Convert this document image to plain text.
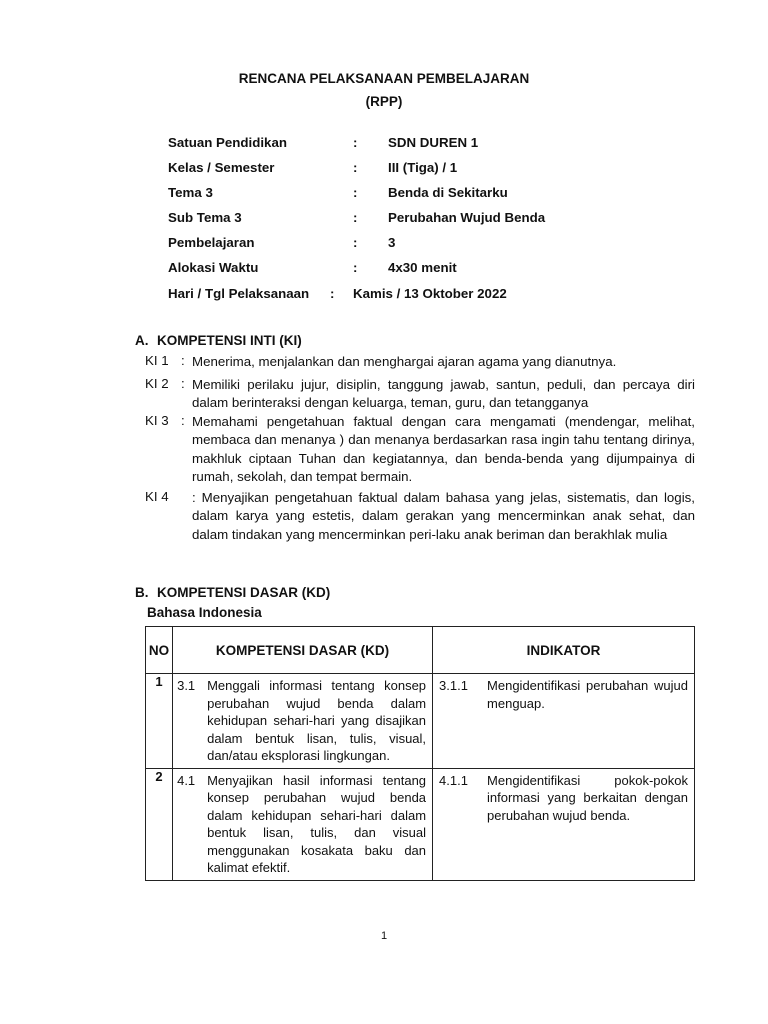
RENCANA PELAKSANAAN PEMBELAJARAN
(RPP)
Satuan Pendidikan	: SDN DUREN 1
Kelas / Semester	: III (Tiga) / 1
Tema 3	: Benda di Sekitarku
Sub Tema 3	: Perubahan Wujud Benda
Pembelajaran	: 3
Alokasi Waktu	: 4x30 menit
Hari / Tgl Pelaksanaan : Kamis / 13 Oktober 2022
A. KOMPETENSI INTI (KI)
KI 1 : Menerima, menjalankan dan menghargai ajaran agama yang dianutnya.
KI 2 : Memiliki perilaku jujur, disiplin, tanggung jawab, santun, peduli, dan percaya diri dalam berinteraksi dengan keluarga, teman, guru, dan tetangganya
KI 3 : Memahami pengetahuan faktual dengan cara mengamati (mendengar, melihat, membaca dan menanya ) dan menanya berdasarkan rasa ingin tahu tentang dirinya, makhluk ciptaan Tuhan dan kegiatannya, dan benda-benda yang dijumpainya di rumah, sekolah, dan tempat bermain.
KI 4 : Menyajikan pengetahuan faktual dalam bahasa yang jelas, sistematis, dan logis, dalam karya yang estetis, dalam gerakan yang mencerminkan anak sehat, dan dalam tindakan yang mencerminkan peri-laku anak beriman dan berakhlak mulia
B. KOMPETENSI DASAR (KD)
Bahasa Indonesia
NO	KOMPETENSI DASAR (KD)	INDIKATOR
1	3.1 Menggali informasi tentang konsep perubahan wujud benda dalam kehidupan sehari-hari yang disajikan dalam bentuk lisan, tulis, visual, dan/atau eksplorasi lingkungan.	3.1.1 Mengidentifikasi perubahan wujud menguap.

2	4.1 Menyajikan hasil informasi tentang konsep perubahan wujud benda dalam kehidupan sehari-hari dalam bentuk lisan, tulis, dan visual menggunakan kosakata baku dan kalimat efektif.	4.1.1 Mengidentifikasi pokok-pokok informasi yang berkaitan dengan perubahan wujud benda.
1
